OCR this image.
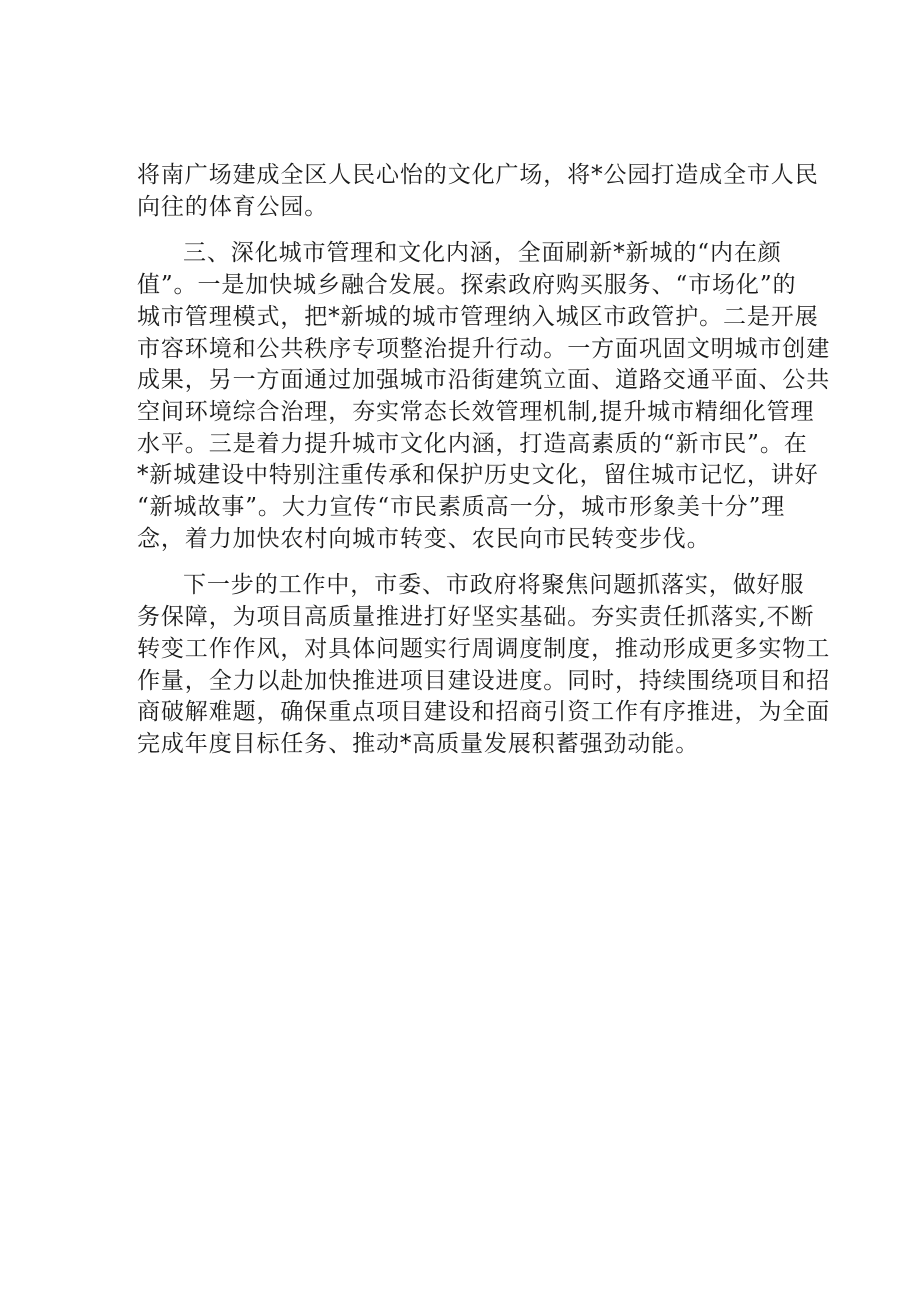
将南广场建成全区人民心怡的文化广场，将*公园打造成全市人民
向往的体育公园。
三、深化城市管理和文化内涵，全面刷新*新城的“内在颜
值”。一是加快城乡融合发展。探索政府购买服务、“市场化”的
城市管理模式，把*新城的城市管理纳入城区市政管护。二是开展
市容环境和公共秩序专项整治提升行动。一方面巩固文明城市创建
成果，另一方面通过加强城市沿街建筑立面、道路交通平面、公共
空间环境综合治理，夯实常态长效管理机制,提升城市精细化管理
水平。三是着力提升城市文化内涵，打造高素质的“新市民”。在
*新城建设中特别注重传承和保护历史文化，留住城市记忆，讲好
“新城故事”。大力宣传“市民素质高一分，城市形象美十分”理
念，着力加快农村向城市转变、农民向市民转变步伐。
下一步的工作中，市委、市政府将聚焦问题抓落实，做好服
务保障，为项目高质量推进打好坚实基础。夯实责任抓落实,不断
转变工作作风，对具体问题实行周调度制度，推动形成更多实物工
作量，全力以赴加快推进项目建设进度。同时，持续围绕项目和招
商破解难题，确保重点项目建设和招商引资工作有序推进，为全面
完成年度目标任务、推动*高质量发展积蓄强劲动能。
